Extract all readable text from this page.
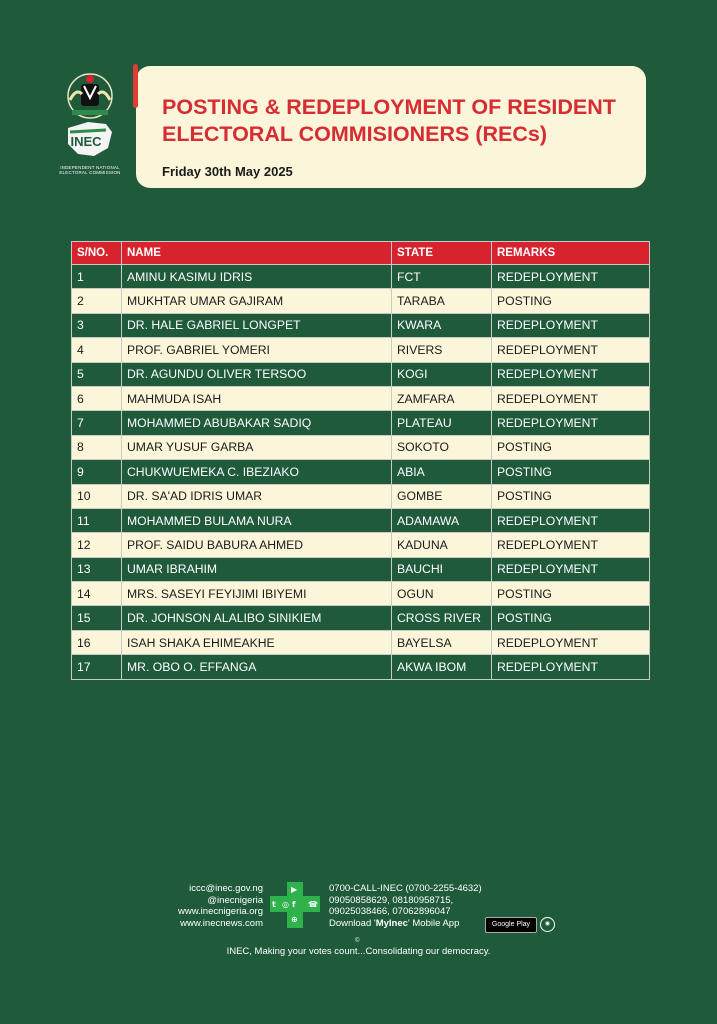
INEC
INDEPENDENT NATIONAL ELECTORAL COMMISSION
POSTING & REDEPLOYMENT OF RESIDENT ELECTORAL COMMISIONERS (RECs)
Friday 30th May 2025
S/NO.	NAME	STATE	REMARKS
1	AMINU KASIMU IDRIS	FCT	REDEPLOYMENT
2	MUKHTAR UMAR GAJIRAM	TARABA	POSTING
3	DR. HALE GABRIEL LONGPET	KWARA	REDEPLOYMENT
4	PROF. GABRIEL YOMERI	RIVERS	REDEPLOYMENT
5	DR. AGUNDU OLIVER TERSOO	KOGI	REDEPLOYMENT
6	MAHMUDA ISAH	ZAMFARA	REDEPLOYMENT
7	MOHAMMED ABUBAKAR SADIQ	PLATEAU	REDEPLOYMENT
8	UMAR YUSUF GARBA	SOKOTO	POSTING
9	CHUKWUEMEKA C. IBEZIAKO	ABIA	POSTING
10	DR. SA'AD IDRIS UMAR	GOMBE	POSTING
11	MOHAMMED BULAMA NURA	ADAMAWA	REDEPLOYMENT
12	PROF. SAIDU BABURA AHMED	KADUNA	REDEPLOYMENT
13	UMAR IBRAHIM	BAUCHI	REDEPLOYMENT
14	MRS. SASEYI FEYIJIMI IBIYEMI	OGUN	POSTING
15	DR. JOHNSON ALALIBO SINIKIEM	CROSS RIVER	POSTING
16	ISAH SHAKA EHIMEAKHE	BAYELSA	REDEPLOYMENT
17	MR. OBO O. EFFANGA	AKWA IBOM	REDEPLOYMENT
iccc@inec.gov.ng
@inecnigeria
www.inecnigeria.org
www.inecnews.com
t ◎ f ☎
▶
⊕
0700-CALL-INEC (0700-2255-4632)
09050858629, 08180958715,
09025038466, 07062896047
Download 'MyInec' Mobile App	Google Play	◉
©
INEC, Making your votes count...Consolidating our democracy.
